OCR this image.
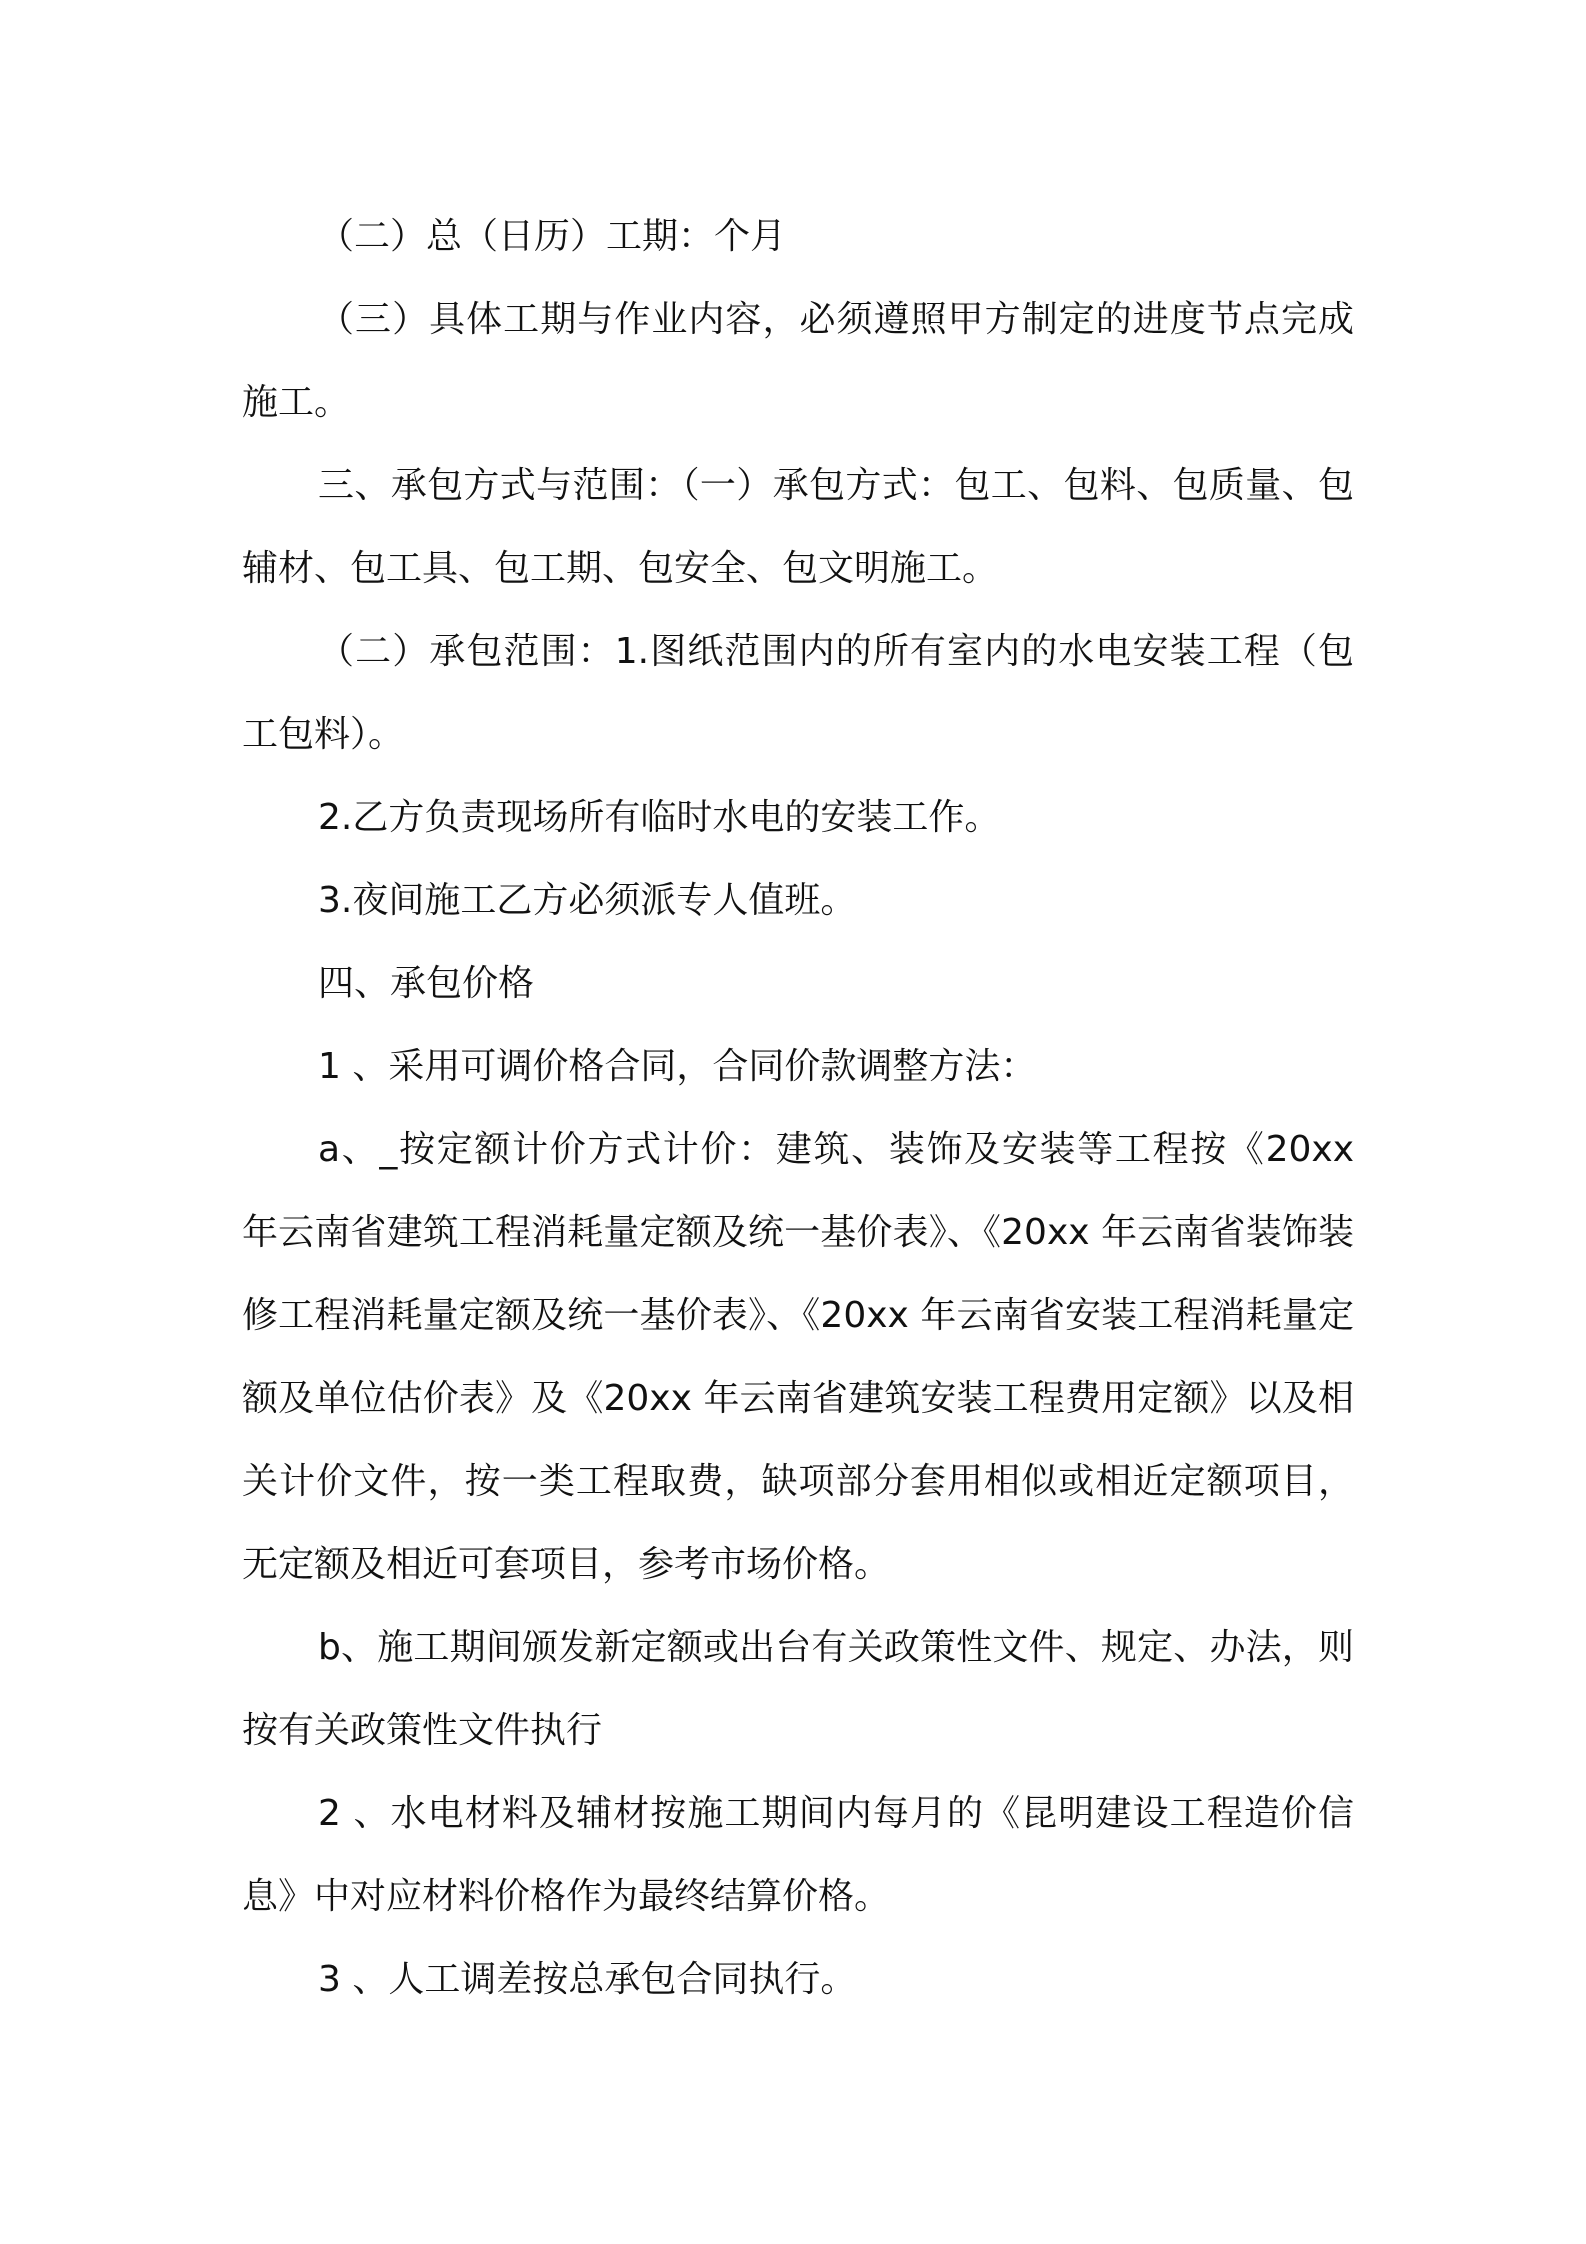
（二）总（日历）工期：个月

（三）具体工期与作业内容，必须遵照甲方制定的进度节点完成施工。

三、承包方式与范围：（一）承包方式：包工、包料、包质量、包辅材、包工具、包工期、包安全、包文明施工。

（二）承包范围：1.图纸范围内的所有室内的水电安装工程（包工包料）。

2.乙方负责现场所有临时水电的安装工作。

3.夜间施工乙方必须派专人值班。

四、承包价格

1 、采用可调价格合同，合同价款调整方法：

a、_按定额计价方式计价：建筑、装饰及安装等工程按《20xx 年云南省建筑工程消耗量定额及统一基价表》、《20xx 年云南省装饰装修工程消耗量定额及统一基价表》、《20xx 年云南省安装工程消耗量定额及单位估价表》及《20xx 年云南省建筑安装工程费用定额》以及相关计价文件，按一类工程取费，缺项部分套用相似或相近定额项目，无定额及相近可套项目，参考市场价格。

b、施工期间颁发新定额或出台有关政策性文件、规定、办法，则按有关政策性文件执行

2 、水电材料及辅材按施工期间内每月的《昆明建设工程造价信息》中对应材料价格作为最终结算价格。

3 、人工调差按总承包合同执行。
